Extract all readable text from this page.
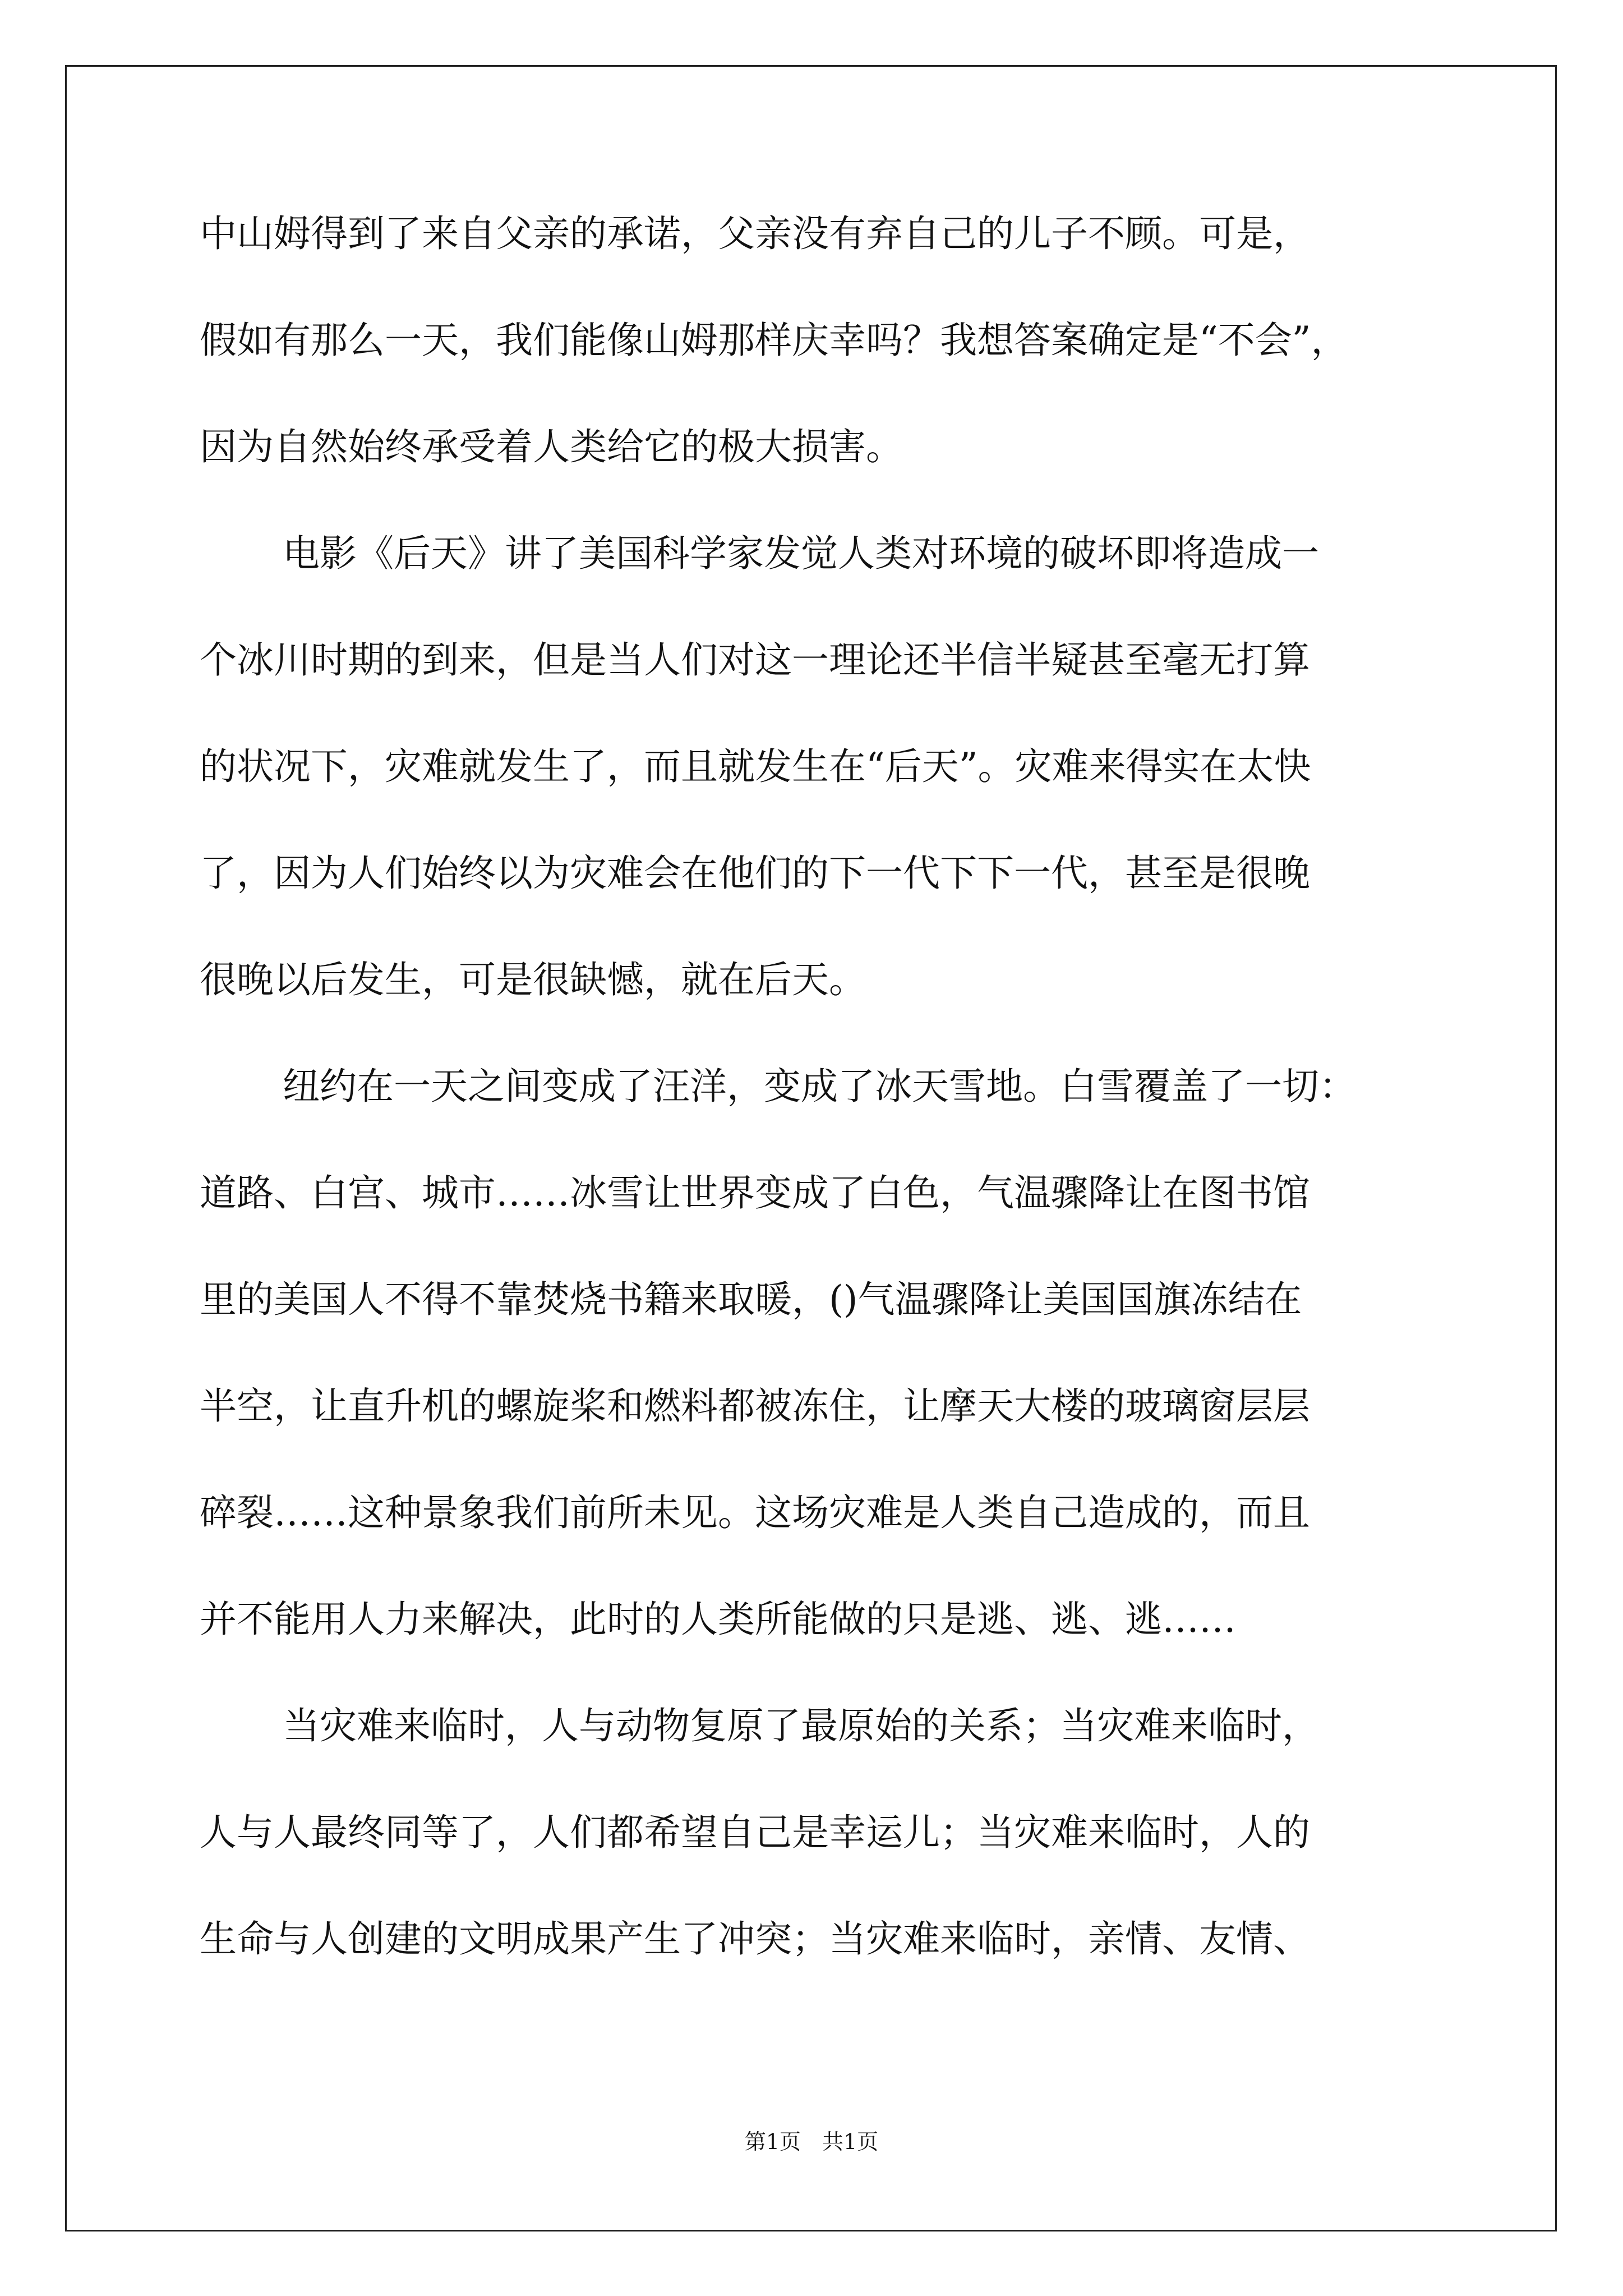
中山姆得到了来自父亲的承诺，父亲没有弃自己的儿子不顾。可是，
假如有那么一天，我们能像山姆那样庆幸吗？我想答案确定是“不会”，
因为自然始终承受着人类给它的极大损害。
电影《后天》讲了美国科学家发觉人类对环境的破坏即将造成一
个冰川时期的到来，但是当人们对这一理论还半信半疑甚至毫无打算
的状况下，灾难就发生了，而且就发生在“后天”。灾难来得实在太快
了，因为人们始终以为灾难会在他们的下一代下下一代，甚至是很晚
很晚以后发生，可是很缺憾，就在后天。
纽约在一天之间变成了汪洋，变成了冰天雪地。白雪覆盖了一切：
道路、白宫、城市……冰雪让世界变成了白色，气温骤降让在图书馆
里的美国人不得不靠焚烧书籍来取暖，()气温骤降让美国国旗冻结在
半空，让直升机的螺旋桨和燃料都被冻住，让摩天大楼的玻璃窗层层
碎裂……这种景象我们前所未见。这场灾难是人类自己造成的，而且
并不能用人力来解决，此时的人类所能做的只是逃、逃、逃……
当灾难来临时，人与动物复原了最原始的关系；当灾难来临时，
人与人最终同等了，人们都希望自己是幸运儿；当灾难来临时，人的
生命与人创建的文明成果产生了冲突；当灾难来临时，亲情、友情、
第1页　共1页
